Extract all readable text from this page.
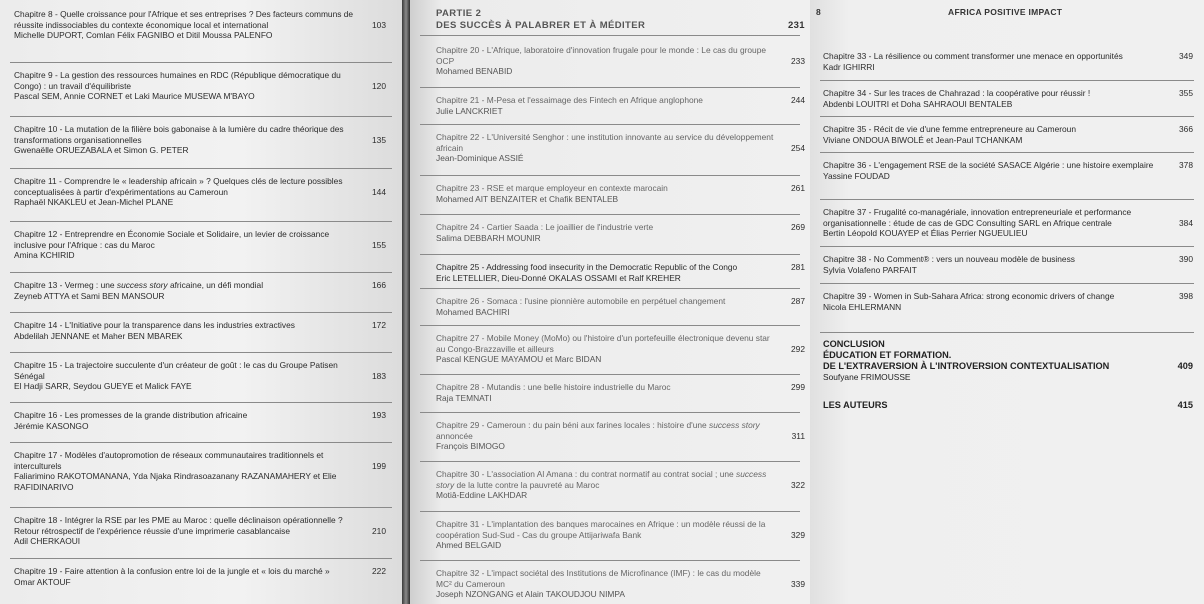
Chapitre 8 - Quelle croissance pour l'Afrique et ses entreprises ? Des facteurs communs de réussite indissociables du contexte économique local et international
Michelle DUPORT, Comlan Félix FAGNIBO et Ditil Moussa PALENFO
103
Chapitre 9 - La gestion des ressources humaines en RDC (République démocratique du Congo) : un travail d'équilibriste
Pascal SEM, Annie CORNET et Laki Maurice MUSEWA M'BAYO
120
Chapitre 10 - La mutation de la filière bois gabonaise à la lumière du cadre théorique des transformations organisationnelles
Gwenaëlle ORUEZABALA et Simon G. PETER
135
Chapitre 11 - Comprendre le « leadership africain » ? Quelques clés de lecture possibles conceptualisées à partir d'expérimentations au Cameroun
Raphaël NKAKLEU et Jean-Michel PLANE
144
Chapitre 12 - Entreprendre en Économie Sociale et Solidaire, un levier de croissance inclusive pour l'Afrique : cas du Maroc
Amina KCHIRID
155
Chapitre 13 - Vermeg : une success story africaine, un défi mondial
Zeyneb ATTYA et Sami BEN MANSOUR
166
Chapitre 14 - L'Initiative pour la transparence dans les industries extractives
Abdelilah JENNANE et Maher BEN MBAREK
172
Chapitre 15 - La trajectoire succulente d'un créateur de goût : le cas du Groupe Patisen Sénégal
El Hadji SARR, Seydou GUEYE et Malick FAYE
183
Chapitre 16 - Les promesses de la grande distribution africaine
Jérémie KASONGO
193
Chapitre 17 - Modèles d'autopromotion de réseaux communautaires traditionnels et interculturels
Faliarimino RAKOTOMANANA, Yda Njaka Rindrasoazanany RAZANAMAHERY et Elie RAFIDINARIVO
199
Chapitre 18 - Intégrer la RSE par les PME au Maroc : quelle déclinaison opérationnelle ? Retour rétrospectif de l'expérience réussie d'une imprimerie casablancaise
Adil CHERKAOUI
210
Chapitre 19 - Faire attention à la confusion entre loi de la jungle et « lois du marché »
Omar AKTOUF
222
PARTIE 2
DES SUCCÈS À PALABRER ET À MÉDITER	231
Chapitre 20 - L'Afrique, laboratoire d'innovation frugale pour le monde : Le cas du groupe OCP
Mohamed BENABID
233
Chapitre 21 - M-Pesa et l'essaimage des Fintech en Afrique anglophone
Julie LANCKRIET
244
Chapitre 22 - L'Université Senghor : une institution innovante au service du développement africain
Jean-Dominique ASSIÉ
254
Chapitre 23 - RSE et marque employeur en contexte marocain
Mohamed AIT BENZAITER et Chafik BENTALEB
261
Chapitre 24 - Cartier Saada : Le joaillier de l'industrie verte
Salima DEBBARH MOUNIR
269
Chapitre 25 - Addressing food insecurity in the Democratic Republic of the Congo
Eric LETELLIER, Dieu-Donné OKALAS OSSAMI et Ralf KREHER
281
Chapitre 26 - Somaca : l'usine pionnière automobile en perpétuel changement
Mohamed BACHIRI
287
Chapitre 27 - Mobile Money (MoMo) ou l'histoire d'un portefeuille électronique devenu star au Congo-Brazzaville et ailleurs
Pascal KENGUE MAYAMOU et Marc BIDAN
292
Chapitre 28 - Mutandis : une belle histoire industrielle du Maroc
Raja TEMNATI
299
Chapitre 29 - Cameroun : du pain béni aux farines locales : histoire d'une success story annoncée
François BIMOGO
311
Chapitre 30 - L'association Al Amana : du contrat normatif au contrat social ; une success story de la lutte contre la pauvreté au Maroc
Motiâ-Eddine LAKHDAR
322
Chapitre 31 - L'implantation des banques marocaines en Afrique : un modèle réussi de la coopération Sud-Sud - Cas du groupe Attijariwafa Bank
Ahmed BELGAID
329
Chapitre 32 - L'impact sociétal des Institutions de Microfinance (IMF) : le cas du modèle MC² du Cameroun
Joseph NZONGANG et Alain TAKOUDJOU NIMPA
339
8	AFRICA POSITIVE IMPACT
CONCLUSION
ÉDUCATION ET FORMATION.
DE L'EXTRAVERSION À L'INTROVERSION CONTEXTUALISATION
Soufyane FRIMOUSSE
409
LES AUTEURS	415
Chapitre 33 - La résilience ou comment transformer une menace en opportunités
Kadr IGHIRRI
349
Chapitre 34 - Sur les traces de Chahrazad : la coopérative pour réussir !
Abdenbi LOUITRI et Doha SAHRAOUI BENTALEB
355
Chapitre 35 - Récit de vie d'une femme entrepreneure au Cameroun
Viviane ONDOUA BIWOLÉ et Jean-Paul TCHANKAM
366
Chapitre 36 - L'engagement RSE de la société SASACE Algérie : une histoire exemplaire
Yassine FOUDAD
378
Chapitre 37 - Frugalité co-managériale, innovation entrepreneuriale et performance organisationnelle : étude de cas de GDC Consulting SARL en Afrique centrale
Bertin Léopold KOUAYEP et Élias Perrier NGUEULIEU
384
Chapitre 38 - No Comment® : vers un nouveau modèle de business
Sylvia Volafeno PARFAIT
390
Chapitre 39 - Women in Sub-Sahara Africa: strong economic drivers of change
Nicola EHLERMANN
398
